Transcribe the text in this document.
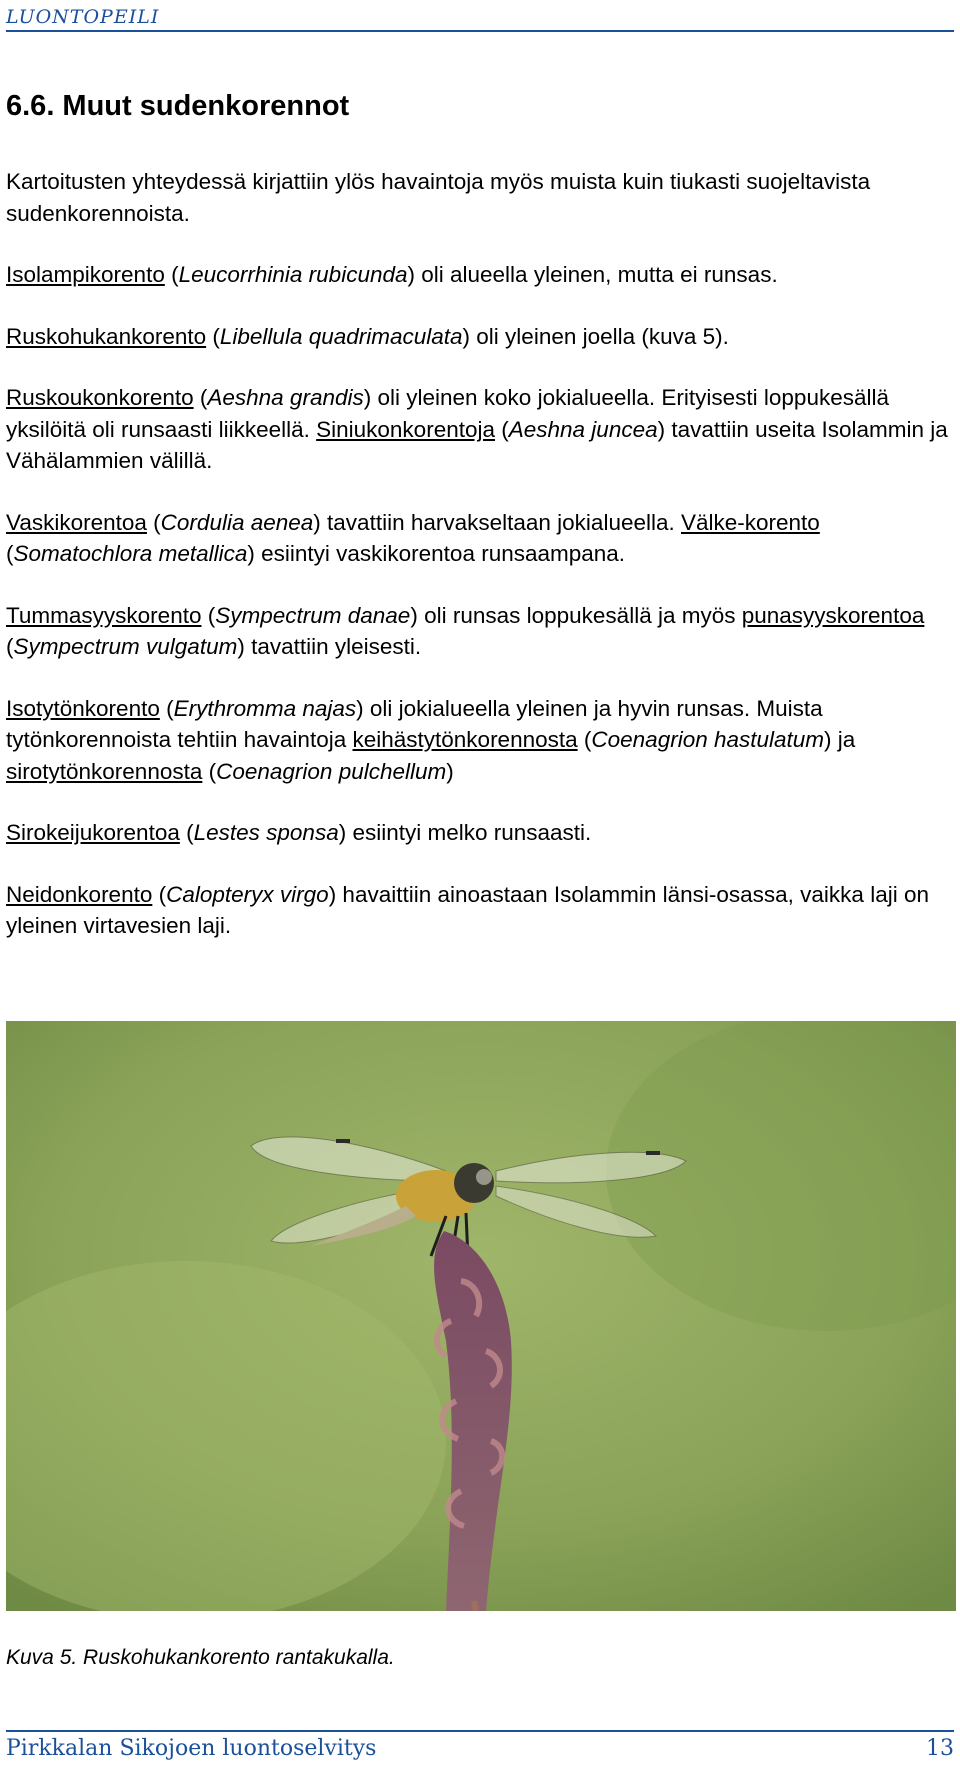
LUONTOPEILI
6.6. Muut sudenkorennot

Kartoitusten yhteydessä kirjattiin ylös havaintoja myös muista kuin tiukasti suojeltavista sudenkorennoista.

Isolampikorento (Leucorrhinia rubicunda) oli alueella yleinen, mutta ei runsas.

Ruskohukankorento (Libellula quadrimaculata) oli yleinen joella (kuva 5).

Ruskoukonkorento (Aeshna grandis) oli yleinen koko jokialueella. Erityisesti loppukesällä yksilöitä oli runsaasti liikkeellä. Siniukonkorentoja (Aeshna juncea) tavattiin useita Isolammin ja Vähälammien välillä.

Vaskikorentoa (Cordulia aenea) tavattiin harvakseltaan jokialueella. Välke-korento (Somatochlora metallica) esiintyi vaskikorentoa runsaampana.

Tummasyyskorento (Sympectrum danae) oli runsas loppukesällä ja myös punasyyskorentoa (Sympectrum vulgatum) tavattiin yleisesti.

Isotytönkorento (Erythromma najas) oli jokialueella yleinen ja hyvin runsas. Muista tytönkorennoista tehtiin havaintoja keihästytönkorennosta (Coenagrion hastulatum) ja sirotytönkorennosta (Coenagrion pulchellum)

Sirokeijukorentoa (Lestes sponsa) esiintyi melko runsaasti.

Neidonkorento (Calopteryx virgo) havaittiin ainoastaan Isolammin länsi-osassa, vaikka laji on yleinen virtavesien laji.

Kuva 5. Ruskohukankorento rantakukalla.
Pirkkalan Sikojoen luontoselvitys	13
